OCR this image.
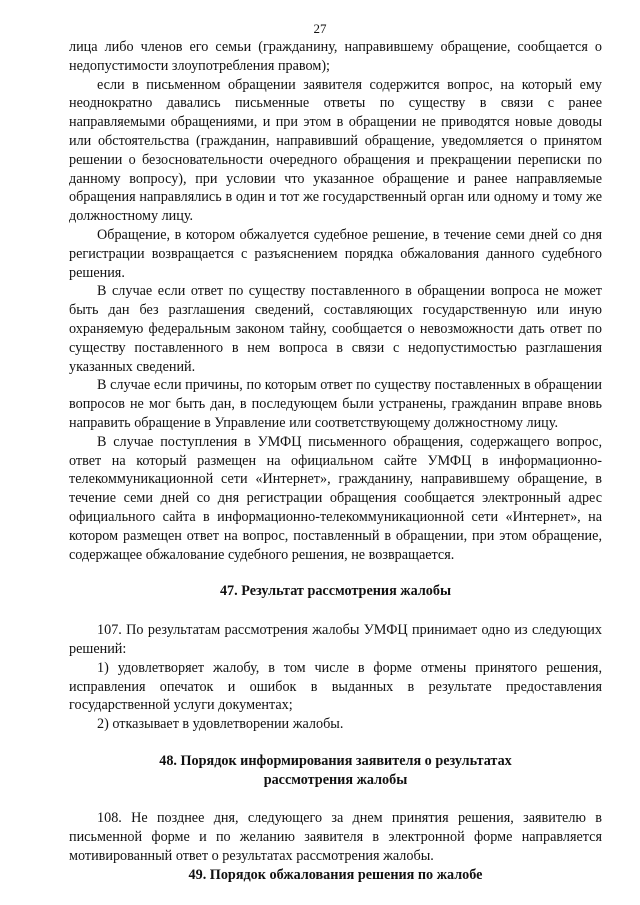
27

лица либо членов его семьи (гражданину, направившему обращение, сообщается о недопустимости злоупотребления правом);

если в письменном обращении заявителя содержится вопрос, на который ему неоднократно давались письменные ответы по существу в связи с ранее направляемыми обращениями, и при этом в обращении не приводятся новые доводы или обстоятельства (гражданин, направивший обращение, уведомляется о принятом решении о безосновательности очередного обращения и прекращении переписки по данному вопросу), при условии что указанное обращение и ранее направляемые обращения направлялись в один и тот же государственный орган или одному и тому же должностному лицу.

Обращение, в котором обжалуется судебное решение, в течение семи дней со дня регистрации возвращается с разъяснением порядка обжалования данного судебного решения.

В случае если ответ по существу поставленного в обращении вопроса не может быть дан без разглашения сведений, составляющих государственную или иную охраняемую федеральным законом тайну, сообщается о невозможности дать ответ по существу поставленного в нем вопроса в связи с недопустимостью разглашения указанных сведений.

В случае если причины, по которым ответ по существу поставленных в обращении вопросов не мог быть дан, в последующем были устранены, гражданин вправе вновь направить обращение в Управление или соответствующему должностному лицу.

В случае поступления в УМФЦ письменного обращения, содержащего вопрос, ответ на который размещен на официальном сайте УМФЦ в информационно-телекоммуникационной сети «Интернет», гражданину, направившему обращение, в течение семи дней со дня регистрации обращения сообщается электронный адрес официального сайта в информационно-телекоммуникационной сети «Интернет», на котором размещен ответ на вопрос, поставленный в обращении, при этом обращение, содержащее обжалование судебного решения, не возвращается.

47. Результат рассмотрения жалобы

107. По результатам рассмотрения жалобы УМФЦ принимает одно из следующих решений:

1) удовлетворяет жалобу, в том числе в форме отмены принятого решения, исправления опечаток и ошибок в выданных в результате предоставления государственной услуги документах;

2) отказывает в удовлетворении жалобы.

48. Порядок информирования заявителя о результатах
рассмотрения жалобы

108. Не позднее дня, следующего за днем принятия решения, заявителю в письменной форме и по желанию заявителя в электронной форме направляется мотивированный ответ о результатах рассмотрения жалобы.

49. Порядок обжалования решения по жалобе
